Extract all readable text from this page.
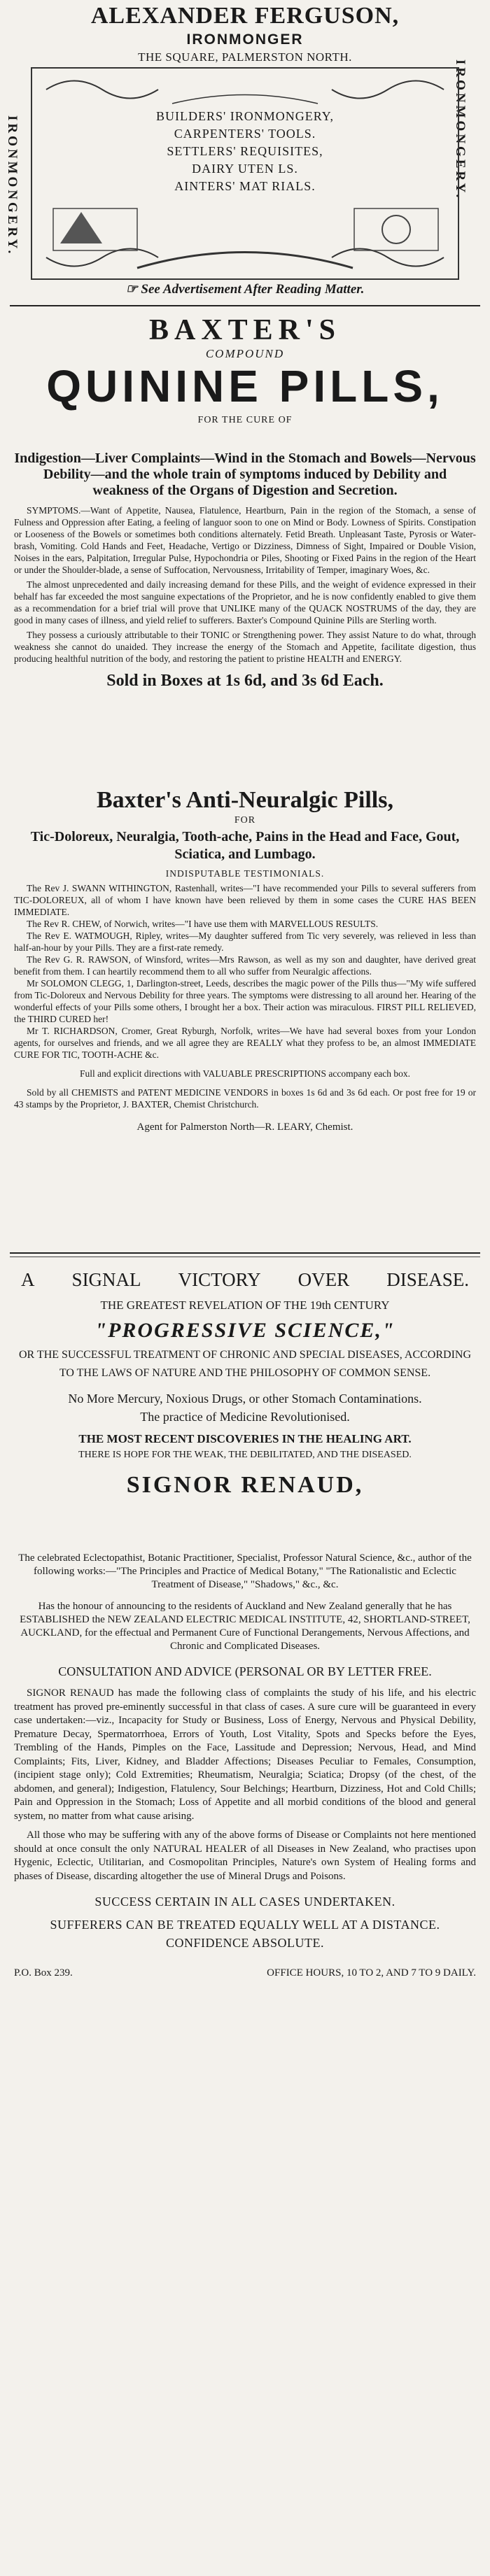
ALEXANDER FERGUSON,
IRONMONGER
THE SQUARE, PALMERSTON NORTH.
IRONMONGERY.	IRONMONGERY.
BUILDERS' IRONMONGERY,
CARPENTERS' TOOLS.
SETTLERS' REQUISITES,
DAIRY UTEN LS.
AINTERS' MAT RIALS.
☞ See Advertisement After Reading Matter.
BAXTER'S
COMPOUND
QUININE PILLS,
FOR THE CURE OF

Indigestion—Liver Complaints—Wind in the Stomach and Bowels—Nervous Debility—and the whole train of symptoms induced by Debility and weakness of the Organs of Digestion and Secretion.

SYMPTOMS.—Want of Appetite, Nausea, Flatulence, Heartburn, Pain in the region of the Stomach, a sense of Fulness and Oppression after Eating, a feeling of languor soon to one on Mind or Body. Lowness of Spirits. Constipation or Looseness of the Bowels or sometimes both conditions alternately. Fetid Breath. Unpleasant Taste, Pyrosis or Water-brash, Vomiting. Cold Hands and Feet, Headache, Vertigo or Dizziness, Dimness of Sight, Impaired or Double Vision, Noises in the ears, Palpitation, Irregular Pulse, Hypochondria or Piles, Shooting or Fixed Pains in the region of the Heart or under the Shoulder-blade, a sense of Suffocation, Nervousness, Irritability of Temper, imaginary Woes, &c.

The almost unprecedented and daily increasing demand for these Pills, and the weight of evidence expressed in their behalf has far exceeded the most sanguine expectations of the Proprietor, and he is now confidently enabled to give them as a recommendation for a brief trial will prove that UNLIKE many of the QUACK NOSTRUMS of the day, they are good in many cases of illness, and yield relief to sufferers. Baxter's Compound Quinine Pills are Sterling worth.

They possess a curiously attributable to their TONIC or Strengthening power. They assist Nature to do what, through weakness she cannot do unaided. They increase the energy of the Stomach and Appetite, facilitate digestion, thus producing healthful nutrition of the body, and restoring the patient to pristine HEALTH and ENERGY.

Sold in Boxes at 1s 6d, and 3s 6d Each.
Baxter's Anti-Neuralgic Pills,
FOR

Tic-Doloreux, Neuralgia, Tooth-ache, Pains in the Head and Face, Gout, Sciatica, and Lumbago.

INDISPUTABLE TESTIMONIALS.

The Rev J. SWANN WITHINGTON, Rastenhall, writes—"I have recommended your Pills to several sufferers from TIC-DOLOREUX, all of whom I have known have been relieved by them in some cases the CURE HAS BEEN IMMEDIATE.

The Rev R. CHEW, of Norwich, writes—"I have use them with MARVELLOUS RESULTS.

The Rev E. WATMOUGH, Ripley, writes—My daughter suffered from Tic very severely, was relieved in less than half-an-hour by your Pills. They are a first-rate remedy.

The Rev G. R. RAWSON, of Winsford, writes—Mrs Rawson, as well as my son and daughter, have derived great benefit from them. I can heartily recommend them to all who suffer from Neuralgic affections.

Mr SOLOMON CLEGG, 1, Darlington-street, Leeds, describes the magic power of the Pills thus—"My wife suffered from Tic-Doloreux and Nervous Debility for three years. The symptoms were distressing to all around her. Hearing of the wonderful effects of your Pills some others, I brought her a box. Their action was miraculous. FIRST PILL RELIEVED, the THIRD CURED her!

Mr T. RICHARDSON, Cromer, Great Ryburgh, Norfolk, writes—We have had several boxes from your London agents, for ourselves and friends, and we all agree they are REALLY what they profess to be, an almost IMMEDIATE CURE FOR TIC, TOOTH-ACHE &c.

Full and explicit directions with VALUABLE PRESCRIPTIONS accompany each box.

Sold by all CHEMISTS and PATENT MEDICINE VENDORS in boxes 1s 6d and 3s 6d each. Or post free for 19 or 43 stamps by the Proprietor, J. BAXTER, Chemist Christchurch.

Agent for Palmerston North—R. LEARY, Chemist.
A SIGNAL VICTORY OVER DISEASE.
THE GREATEST REVELATION OF THE 19th CENTURY
"PROGRESSIVE SCIENCE,"

OR THE SUCCESSFUL TREATMENT OF CHRONIC AND SPECIAL DISEASES, ACCORDING TO THE LAWS OF NATURE AND THE PHILOSOPHY OF COMMON SENSE.

No More Mercury, Noxious Drugs, or other Stomach Contaminations.

The practice of Medicine Revolutionised.
THE MOST RECENT DISCOVERIES IN THE HEALING ART.

THERE IS HOPE FOR THE WEAK, THE DEBILITATED, AND THE DISEASED.

SIGNOR RENAUD,

The celebrated Eclectopathist, Botanic Practitioner, Specialist, Professor Natural Science, &c., author of the following works:—"The Principles and Practice of Medical Botany," "The Rationalistic and Eclectic Treatment of Disease," "Shadows," &c., &c.

Has the honour of announcing to the residents of Auckland and New Zealand generally that he has ESTABLISHED the NEW ZEALAND ELECTRIC MEDICAL INSTITUTE, 42, SHORTLAND-STREET, AUCKLAND, for the effectual and Permanent Cure of Functional Derangements, Nervous Affections, and Chronic and Complicated Diseases.

CONSULTATION AND ADVICE (PERSONAL OR BY LETTER FREE.

SIGNOR RENAUD has made the following class of complaints the study of his life, and his electric treatment has proved pre-eminently successful in that class of cases. A sure cure will be guaranteed in every case undertaken:—viz., Incapacity for Study or Business, Loss of Energy, Nervous and Physical Debility, Premature Decay, Spermatorrhoea, Errors of Youth, Lost Vitality, Spots and Specks before the Eyes, Trembling of the Hands, Pimples on the Face, Lassitude and Depression; Nervous, Head, and Mind Complaints; Fits, Liver, Kidney, and Bladder Affections; Diseases Peculiar to Females, Consumption, (incipient stage only); Cold Extremities; Rheumatism, Neuralgia; Sciatica; Dropsy (of the chest, of the abdomen, and general); Indigestion, Flatulency, Sour Belchings; Heartburn, Dizziness, Hot and Cold Chills; Pain and Oppression in the Stomach; Loss of Appetite and all morbid conditions of the blood and general system, no matter from what cause arising.

All those who may be suffering with any of the above forms of Disease or Complaints not here mentioned should at once consult the only NATURAL HEALER of all Diseases in New Zealand, who practises upon Hygenic, Eclectic, Utilitarian, and Cosmopolitan Principles, Nature's own System of Healing forms and phases of Disease, discarding altogether the use of Mineral Drugs and Poisons.

SUCCESS CERTAIN IN ALL CASES UNDERTAKEN.

SUFFERERS CAN BE TREATED EQUALLY WELL AT A DISTANCE. CONFIDENCE ABSOLUTE.

P.O. Box 239.	OFFICE HOURS, 10 TO 2, AND 7 TO 9 DAILY.
